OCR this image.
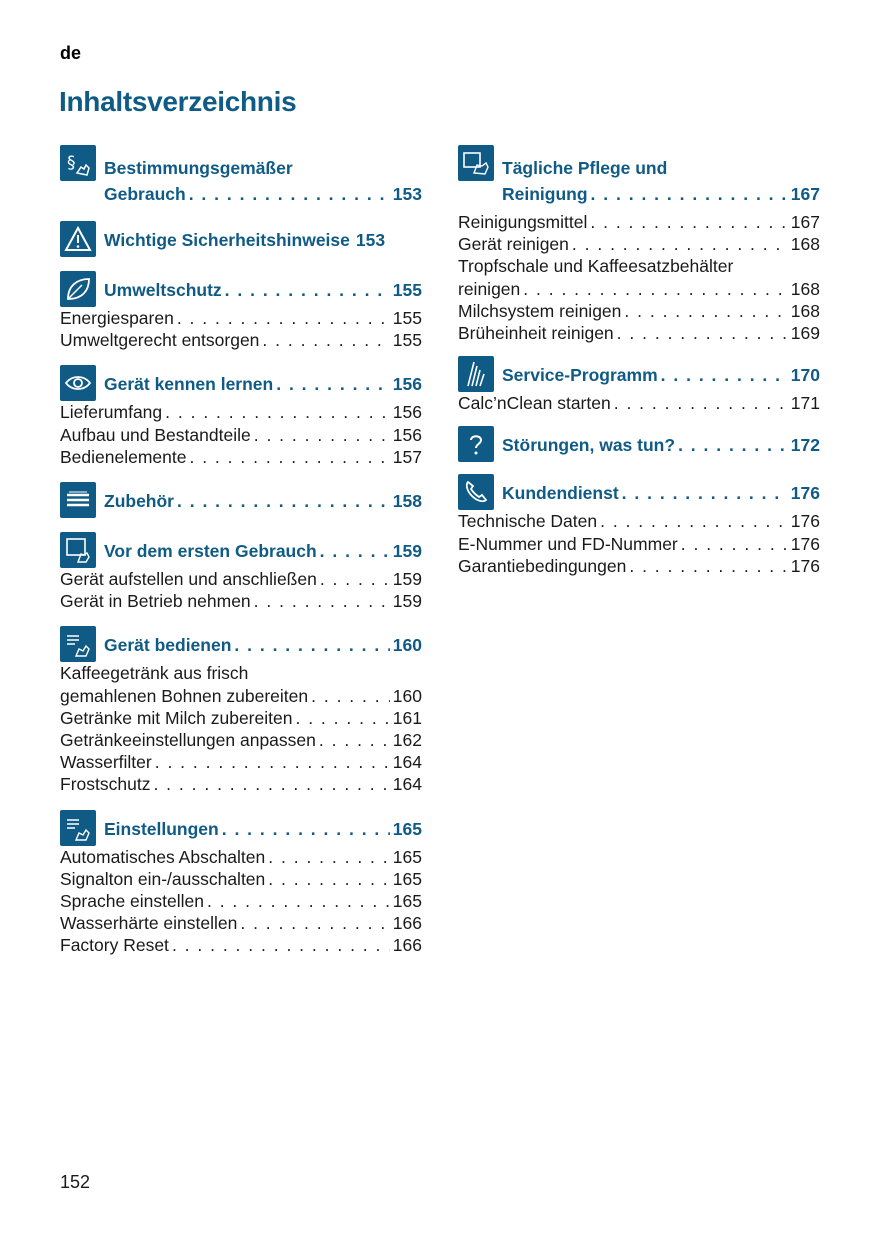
de
Inhaltsverzeichnis
§ Bestimmungsgemäßer
Gebrauch . . .	153
Wichtige Sicherheitshinweise 153
Umweltschutz . . .	155
Energiesparen . . .	155
Umweltgerecht entsorgen . . .	155
Gerät kennen lernen . . .	156
Lieferumfang . . .	156
Aufbau und Bestandteile . . .	156
Bedienelemente . . .	157
Zubehör . . .	158
Vor dem ersten Gebrauch . . .	159
Gerät aufstellen und anschließen . . .	159
Gerät in Betrieb nehmen . . .	159
Gerät bedienen . . .	160
Kaffeegetränk aus frisch
gemahlenen Bohnen zubereiten . . .	160
Getränke mit Milch zubereiten . . .	161
Getränkeeinstellungen anpassen . . .	162
Wasserfilter . . .	164
Frostschutz . . .	164
Einstellungen . . .	165
Automatisches Abschalten . . .	165
Signalton ein-/ausschalten . . .	165
Sprache einstellen . . .	165
Wasserhärte einstellen . . .	166
Factory Reset . . .	166
Tägliche Pflege und
Reinigung . . .	167
Reinigungsmittel . . .	167
Gerät reinigen . . .	168
Tropfschale und Kaffeesatzbehälter
reinigen . . .	168
Milchsystem reinigen . . .	168
Brüheinheit reinigen . . .	169
Service-Programm . . .	170
Calc’nClean starten . . .	171
Störungen, was tun? . . .	172
Kundendienst . . .	176
Technische Daten . . .	176
E-Nummer und FD-Nummer . . .	176
Garantiebedingungen . . .	176
152
